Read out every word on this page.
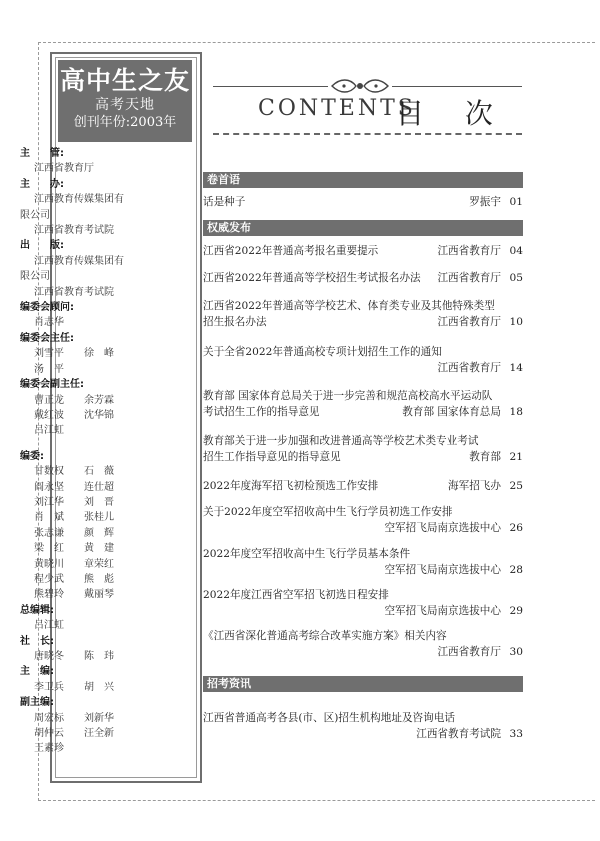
高中生之友
高考天地
创刊年份:2003年
主　　管:
江西省教育厅
主　　办:
江西教育传媒集团有
限公司
江西省教育考试院
出　　版:
江西教育传媒集团有
限公司
江西省教育考试院
编委会顾问:
肖志华
编委会主任:
刘雪平	徐　峰
汤　平
编委会副主任:
曹正龙	余芳霖
戴红波	沈华锦
吕江虹
编委:
甘数权	石　薇
阎永坚	连仕超
刘江华	刘　晋
肖　斌	张桂儿
张志谦	颜　辉
梁　红	黄　建
黄晓川	章荣红
程少武	熊　彪
熊碧玲	戴丽琴
总编辑:
吕江虹
社　长:
唐晓冬	陈　玮
主　编:
李卫兵	胡　兴
副主编:
周宏标	刘新华
胡仲云	汪全新
王素珍
CONTENTS
目 次
卷首语
话是种子	罗振宇 01
权威发布
江西省2022年普通高考报名重要提示	江西省教育厅 04
江西省2022年普通高等学校招生考试报名办法 江西省教育厅 05
江西省2022年普通高等学校艺术、体育类专业及其他特殊类型
招生报名办法	江西省教育厅 10
关于全省2022年普通高校专项计划招生工作的通知
江西省教育厅 14
教育部 国家体育总局关于进一步完善和规范高校高水平运动队
考试招生工作的指导意见	教育部 国家体育总局 18
教育部关于进一步加强和改进普通高等学校艺术类专业考试
招生工作指导意见的指导意见	教育部 21
2022年度海军招飞初检预选工作安排	海军招飞办 25
关于2022年度空军招收高中生飞行学员初选工作安排
空军招飞局南京选拔中心 26
2022年度空军招收高中生飞行学员基本条件
空军招飞局南京选拔中心 28
2022年度江西省空军招飞初选日程安排
空军招飞局南京选拔中心 29
《江西省深化普通高考综合改革实施方案》相关内容
江西省教育厅 30
招考资讯
江西省普通高考各县(市、区)招生机构地址及咨询电话
江西省教育考试院 33
